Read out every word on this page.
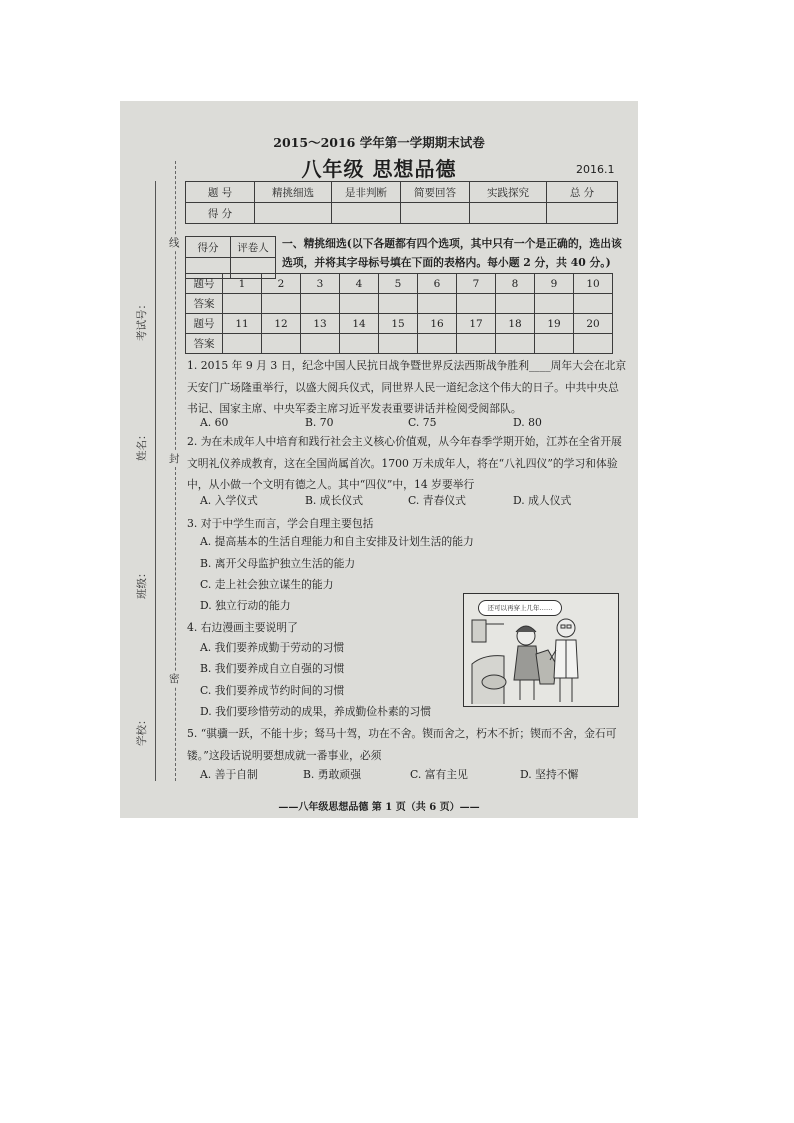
考试号：
姓名：
班级：
学校：
线
封
密
2015～2016 学年第一学期期末试卷
八年级 思想品德	2016.1
题 号	精挑细选	是非判断	简要回答	实践探究	总 分
得 分					
得分	评卷人
	一、精挑细选(以下各题都有四个选项，其中只有一个是正确的，选出该选项，并将其字母标号填在下面的表格内。每小题 2 分，共 40 分。)
题号	1	2	3	4	5	6	7	8	9	10
答案										
题号	11	12	13	14	15	16	17	18	19	20
答案										
1. 2015 年 9 月 3 日，纪念中国人民抗日战争暨世界反法西斯战争胜利____周年大会在北京天安门广场隆重举行，以盛大阅兵仪式，同世界人民一道纪念这个伟大的日子。中共中央总书记、国家主席、中央军委主席习近平发表重要讲话并检阅受阅部队。
A. 60	B. 70	C. 75	D. 80
2. 为在未成年人中培育和践行社会主义核心价值观，从今年春季学期开始，江苏在全省开展文明礼仪养成教育，这在全国尚属首次。1700 万未成年人，将在“八礼四仪”的学习和体验中，从小做一个文明有德之人。其中“四仪”中，14 岁要举行
A. 入学仪式	B. 成长仪式	C. 青春仪式	D. 成人仪式
3. 对于中学生而言，学会自理主要包括
A. 提高基本的生活自理能力和自主安排及计划生活的能力
B. 离开父母监护独立生活的能力
C. 走上社会独立谋生的能力
D. 独立行动的能力
4. 右边漫画主要说明了
A. 我们要养成勤于劳动的习惯
B. 我们要养成自立自强的习惯
C. 我们要养成节约时间的习惯
D. 我们要珍惜劳动的成果，养成勤俭朴素的习惯
还可以再穿上几年……
5. “骐骥一跃，不能十步；驽马十驾，功在不舍。锲而舍之，朽木不折；锲而不舍，金石可镂。”这段话说明要想成就一番事业，必须
A. 善于自制	B. 勇敢顽强	C. 富有主见	D. 坚持不懈
——八年级思想品德 第 1 页（共 6 页）——
